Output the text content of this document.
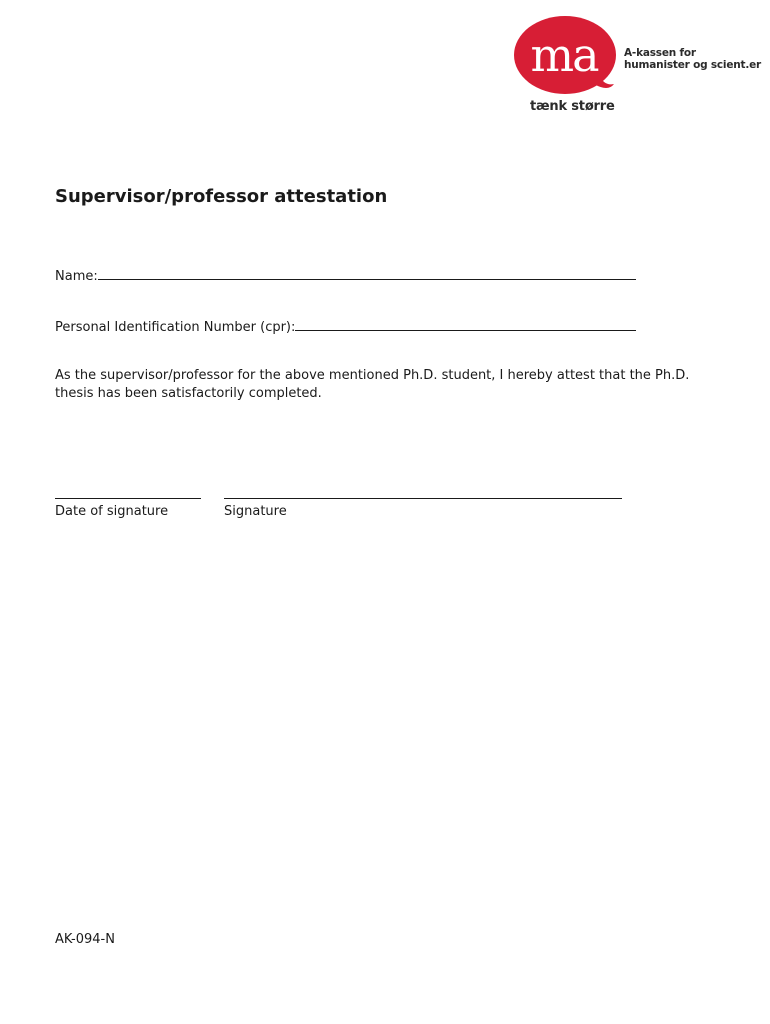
ma	A-kassen for
humanister og scient.er
tænk større
Supervisor/professor attestation
Name:
Personal Identification Number (cpr):

As the supervisor/professor for the above mentioned Ph.D. student, I hereby attest that the Ph.D. thesis has been satisfactorily completed.

Date of signature	Signature
AK-094-N
